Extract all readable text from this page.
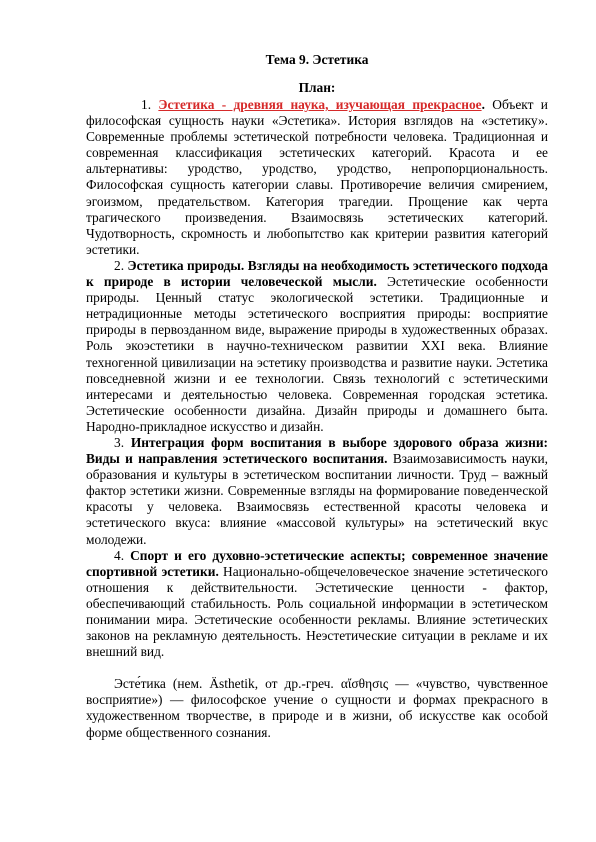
Тема 9. Эстетика
План:

1. Эстетика - древняя наука, изучающая прекрасное. Объект и философская сущность науки «Эстетика». История взглядов на «эстетику». Современные проблемы эстетической потребности человека. Традиционная и современная классификация эстетических категорий. Красота и ее альтернативы: уродство, уродство, уродство, непропорциональность. Философская сущность категории славы. Противоречие величия смирением, эгоизмом, предательством. Категория трагедии. Прощение как черта трагического произведения. Взаимосвязь эстетических категорий. Чудотворность, скромность и любопытство как критерии развития категорий эстетики.

2. Эстетика природы. Взгляды на необходимость эстетического подхода к природе в истории человеческой мысли. Эстетические особенности природы. Ценный статус экологической эстетики. Традиционные и нетрадиционные методы эстетического восприятия природы: восприятие природы в первозданном виде, выражение природы в художественных образах. Роль экоэстетики в научно-техническом развитии XXI века. Влияние техногенной цивилизации на эстетику производства и развитие науки. Эстетика повседневной жизни и ее технологии. Связь технологий с эстетическими интересами и деятельностью человека. Современная городская эстетика. Эстетические особенности дизайна. Дизайн природы и домашнего быта. Народно-прикладное искусство и дизайн.

3. Интеграция форм воспитания в выборе здорового образа жизни: Виды и направления эстетического воспитания. Взаимозависимость науки, образования и культуры в эстетическом воспитании личности. Труд – важный фактор эстетики жизни. Современные взгляды на формирование поведенческой красоты у человека. Взаимосвязь естественной красоты человека и эстетического вкуса: влияние «массовой культуры» на эстетический вкус молодежи.

4. Спорт и его духовно-эстетические аспекты; современное значение спортивной эстетики. Национально-общечеловеческое значение эстетического отношения к действительности. Эстетические ценности - фактор, обеспечивающий стабильность. Роль социальной информации в эстетическом понимании мира. Эстетические особенности рекламы. Влияние эстетических законов на рекламную деятельность. Неэстетические ситуации в рекламе и их внешний вид.

Эсте́тика (нем. Ästhetik, от др.-греч. αἴσθησις — «чувство, чувственное восприятие») — философское учение о сущности и формах прекрасного в художественном творчестве, в природе и в жизни, об искусстве как особой форме общественного сознания.
